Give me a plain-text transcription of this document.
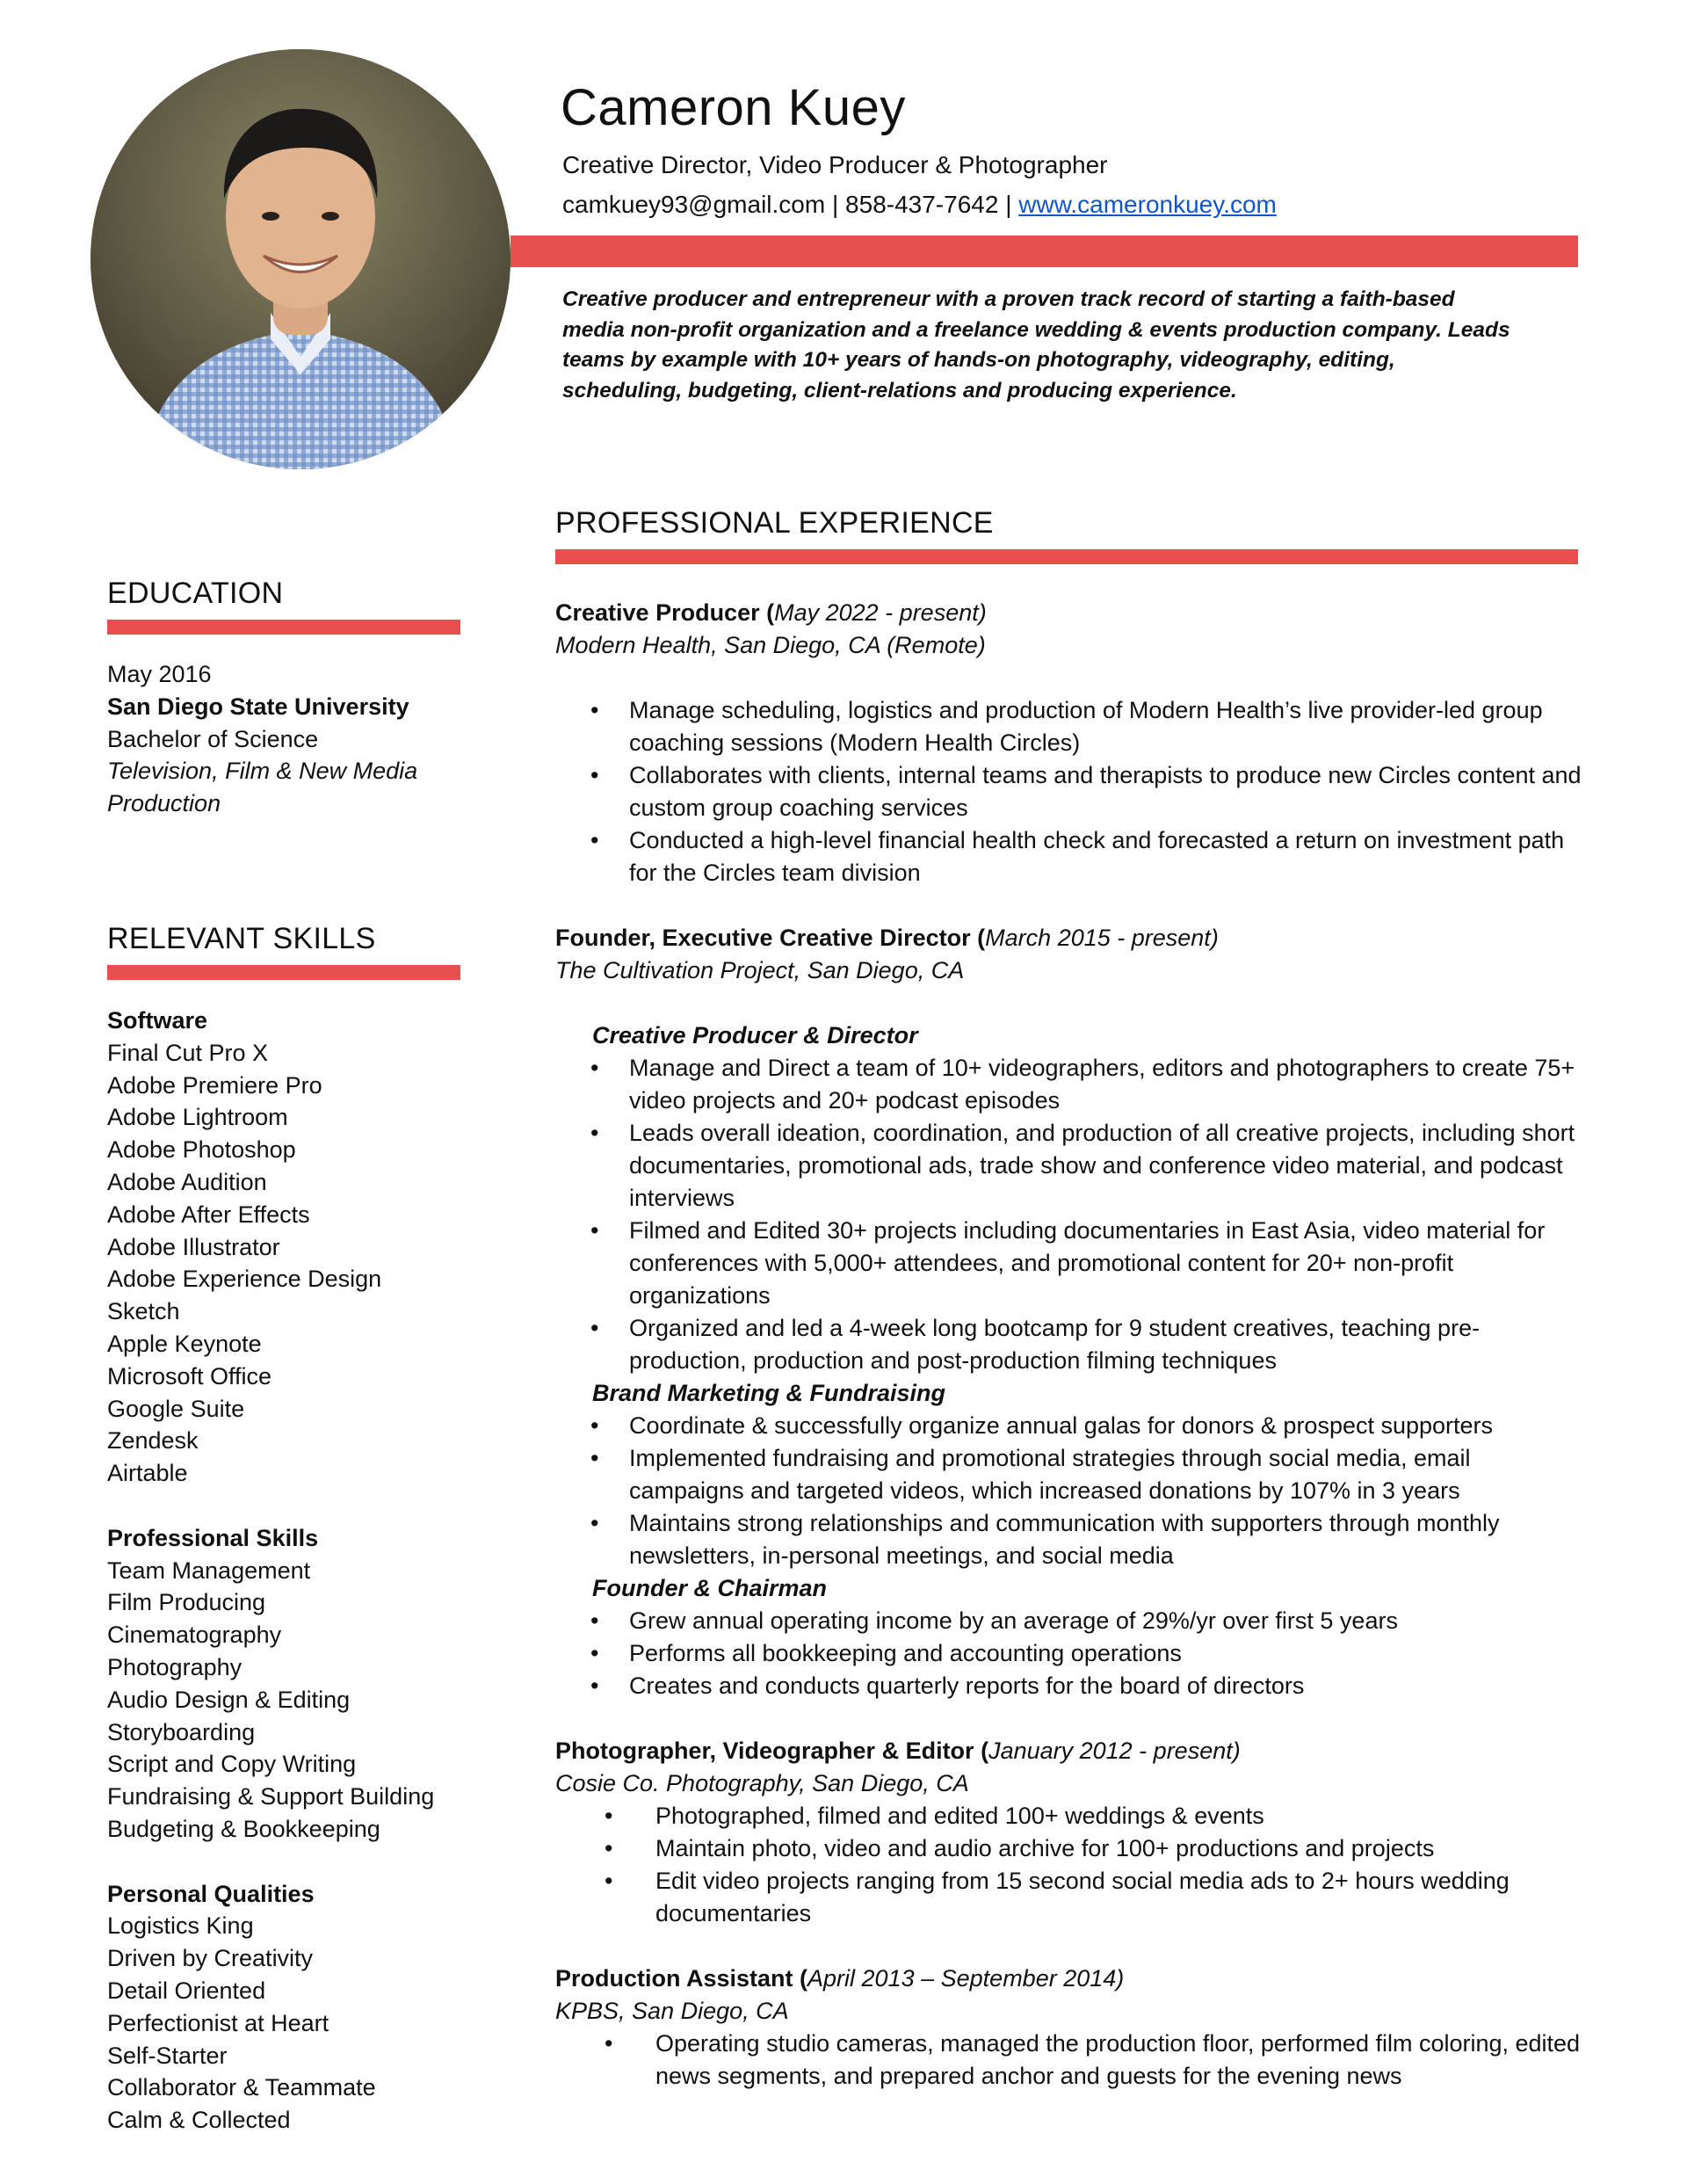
Cameron Kuey
Creative Director, Video Producer & Photographer
camkuey93@gmail.com | 858-437-7642 | www.cameronkuey.com
Creative producer and entrepreneur with a proven track record of starting a faith-based media non-profit organization and a freelance wedding & events production company. Leads teams by example with 10+ years of hands-on photography, videography, editing, scheduling, budgeting, client-relations and producing experience.
EDUCATION
May 2016
San Diego State University
Bachelor of Science
Television, Film & New Media
Production
RELEVANT SKILLS
Software
Final Cut Pro X
Adobe Premiere Pro
Adobe Lightroom
Adobe Photoshop
Adobe Audition
Adobe After Effects
Adobe Illustrator
Adobe Experience Design
Sketch
Apple Keynote
Microsoft Office
Google Suite
Zendesk
Airtable
Professional Skills
Team Management
Film Producing
Cinematography
Photography
Audio Design & Editing
Storyboarding
Script and Copy Writing
Fundraising & Support Building
Budgeting & Bookkeeping
Personal Qualities
Logistics King
Driven by Creativity
Detail Oriented
Perfectionist at Heart
Self-Starter
Collaborator & Teammate
Calm & Collected
PROFESSIONAL EXPERIENCE
Creative Producer (May 2022 - present)
Modern Health, San Diego, CA (Remote)
• Manage scheduling, logistics and production of Modern Health’s live provider-led group coaching sessions (Modern Health Circles)
• Collaborates with clients, internal teams and therapists to produce new Circles content and custom group coaching services
• Conducted a high-level financial health check and forecasted a return on investment path for the Circles team division
Founder, Executive Creative Director (March 2015 - present)
The Cultivation Project, San Diego, CA
Creative Producer & Director
• Manage and Direct a team of 10+ videographers, editors and photographers to create 75+ video projects and 20+ podcast episodes
• Leads overall ideation, coordination, and production of all creative projects, including short documentaries, promotional ads, trade show and conference video material, and podcast interviews
• Filmed and Edited 30+ projects including documentaries in East Asia, video material for conferences with 5,000+ attendees, and promotional content for 20+ non-profit organizations
• Organized and led a 4-week long bootcamp for 9 student creatives, teaching pre-production, production and post-production filming techniques
Brand Marketing & Fundraising
• Coordinate & successfully organize annual galas for donors & prospect supporters
• Implemented fundraising and promotional strategies through social media, email campaigns and targeted videos, which increased donations by 107% in 3 years
• Maintains strong relationships and communication with supporters through monthly newsletters, in-personal meetings, and social media
Founder & Chairman
• Grew annual operating income by an average of 29%/yr over first 5 years
• Performs all bookkeeping and accounting operations
• Creates and conducts quarterly reports for the board of directors
Photographer, Videographer & Editor (January 2012 - present)
Cosie Co. Photography, San Diego, CA
• Photographed, filmed and edited 100+ weddings & events
• Maintain photo, video and audio archive for 100+ productions and projects
• Edit video projects ranging from 15 second social media ads to 2+ hours wedding documentaries
Production Assistant (April 2013 – September 2014)
KPBS, San Diego, CA
• Operating studio cameras, managed the production floor, performed film coloring, edited news segments, and prepared anchor and guests for the evening news
